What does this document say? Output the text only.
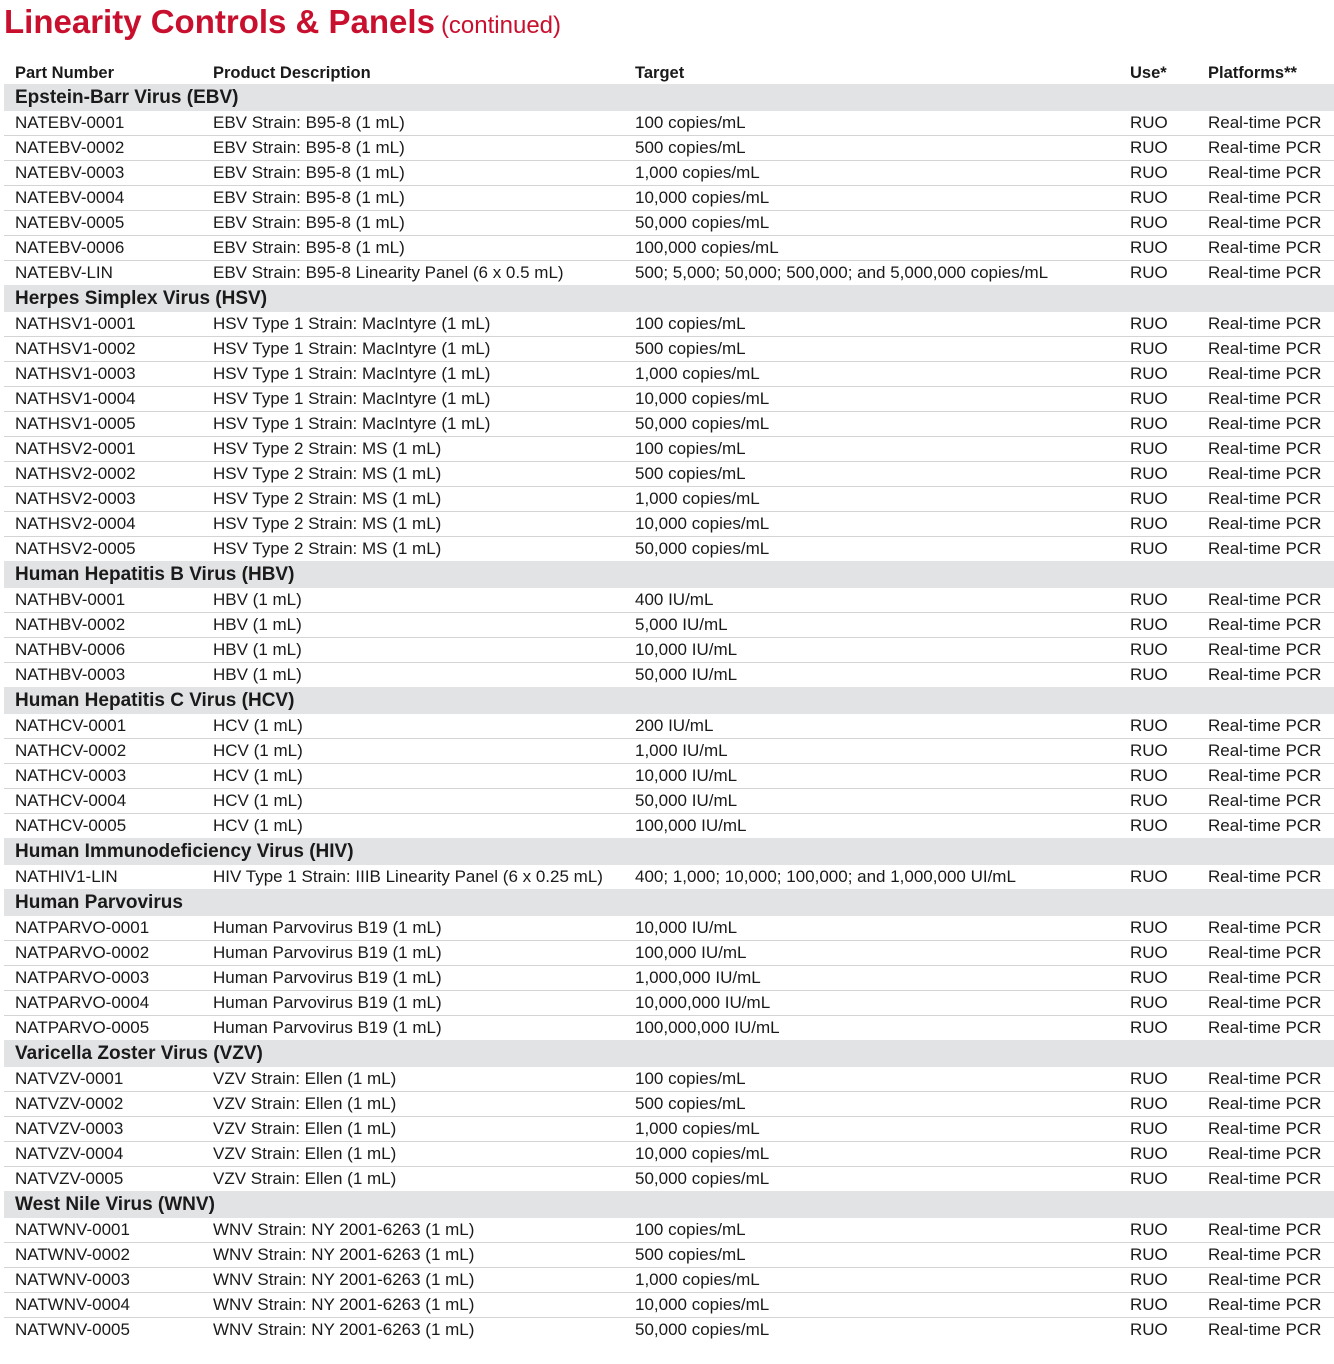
Linearity Controls & Panels (continued)
Part Number	Product Description	Target	Use*	Platforms**
Epstein-Barr Virus (EBV)				
NATEBV-0001	EBV Strain: B95-8 (1 mL)	100 copies/mL	RUO	Real-time PCR
NATEBV-0002	EBV Strain: B95-8 (1 mL)	500 copies/mL	RUO	Real-time PCR
NATEBV-0003	EBV Strain: B95-8 (1 mL)	1,000 copies/mL	RUO	Real-time PCR
NATEBV-0004	EBV Strain: B95-8 (1 mL)	10,000 copies/mL	RUO	Real-time PCR
NATEBV-0005	EBV Strain: B95-8 (1 mL)	50,000 copies/mL	RUO	Real-time PCR
NATEBV-0006	EBV Strain: B95-8 (1 mL)	100,000 copies/mL	RUO	Real-time PCR
NATEBV-LIN	EBV Strain: B95-8 Linearity Panel (6 x 0.5 mL)	500; 5,000; 50,000; 500,000; and 5,000,000 copies/mL	RUO	Real-time PCR
Herpes Simplex Virus (HSV)				
NATHSV1-0001	HSV Type 1 Strain: MacIntyre (1 mL)	100 copies/mL	RUO	Real-time PCR
NATHSV1-0002	HSV Type 1 Strain: MacIntyre (1 mL)	500 copies/mL	RUO	Real-time PCR
NATHSV1-0003	HSV Type 1 Strain: MacIntyre (1 mL)	1,000 copies/mL	RUO	Real-time PCR
NATHSV1-0004	HSV Type 1 Strain: MacIntyre (1 mL)	10,000 copies/mL	RUO	Real-time PCR
NATHSV1-0005	HSV Type 1 Strain: MacIntyre (1 mL)	50,000 copies/mL	RUO	Real-time PCR
NATHSV2-0001	HSV Type 2 Strain: MS (1 mL)	100 copies/mL	RUO	Real-time PCR
NATHSV2-0002	HSV Type 2 Strain: MS (1 mL)	500 copies/mL	RUO	Real-time PCR
NATHSV2-0003	HSV Type 2 Strain: MS (1 mL)	1,000 copies/mL	RUO	Real-time PCR
NATHSV2-0004	HSV Type 2 Strain: MS (1 mL)	10,000 copies/mL	RUO	Real-time PCR
NATHSV2-0005	HSV Type 2 Strain: MS (1 mL)	50,000 copies/mL	RUO	Real-time PCR
Human Hepatitis B Virus (HBV)				
NATHBV-0001	HBV (1 mL)	400 IU/mL	RUO	Real-time PCR
NATHBV-0002	HBV (1 mL)	5,000 IU/mL	RUO	Real-time PCR
NATHBV-0006	HBV (1 mL)	10,000 IU/mL	RUO	Real-time PCR
NATHBV-0003	HBV (1 mL)	50,000 IU/mL	RUO	Real-time PCR
Human Hepatitis C Virus (HCV)				
NATHCV-0001	HCV (1 mL)	200 IU/mL	RUO	Real-time PCR
NATHCV-0002	HCV (1 mL)	1,000 IU/mL	RUO	Real-time PCR
NATHCV-0003	HCV (1 mL)	10,000 IU/mL	RUO	Real-time PCR
NATHCV-0004	HCV (1 mL)	50,000 IU/mL	RUO	Real-time PCR
NATHCV-0005	HCV (1 mL)	100,000 IU/mL	RUO	Real-time PCR
Human Immunodeficiency Virus (HIV)				
NATHIV1-LIN	HIV Type 1 Strain: IIIB Linearity Panel (6 x 0.25 mL)	400; 1,000; 10,000; 100,000; and 1,000,000 UI/mL	RUO	Real-time PCR
Human Parvovirus				
NATPARVO-0001	Human Parvovirus B19 (1 mL)	10,000 IU/mL	RUO	Real-time PCR
NATPARVO-0002	Human Parvovirus B19 (1 mL)	100,000 IU/mL	RUO	Real-time PCR
NATPARVO-0003	Human Parvovirus B19 (1 mL)	1,000,000 IU/mL	RUO	Real-time PCR
NATPARVO-0004	Human Parvovirus B19 (1 mL)	10,000,000 IU/mL	RUO	Real-time PCR
NATPARVO-0005	Human Parvovirus B19 (1 mL)	100,000,000 IU/mL	RUO	Real-time PCR
Varicella Zoster Virus (VZV)				
NATVZV-0001	VZV Strain: Ellen (1 mL)	100 copies/mL	RUO	Real-time PCR
NATVZV-0002	VZV Strain: Ellen (1 mL)	500 copies/mL	RUO	Real-time PCR
NATVZV-0003	VZV Strain: Ellen (1 mL)	1,000 copies/mL	RUO	Real-time PCR
NATVZV-0004	VZV Strain: Ellen (1 mL)	10,000 copies/mL	RUO	Real-time PCR
NATVZV-0005	VZV Strain: Ellen (1 mL)	50,000 copies/mL	RUO	Real-time PCR
West Nile Virus (WNV)				
NATWNV-0001	WNV Strain: NY 2001-6263 (1 mL)	100 copies/mL	RUO	Real-time PCR
NATWNV-0002	WNV Strain: NY 2001-6263 (1 mL)	500 copies/mL	RUO	Real-time PCR
NATWNV-0003	WNV Strain: NY 2001-6263 (1 mL)	1,000 copies/mL	RUO	Real-time PCR
NATWNV-0004	WNV Strain: NY 2001-6263 (1 mL)	10,000 copies/mL	RUO	Real-time PCR
NATWNV-0005	WNV Strain: NY 2001-6263 (1 mL)	50,000 copies/mL	RUO	Real-time PCR
